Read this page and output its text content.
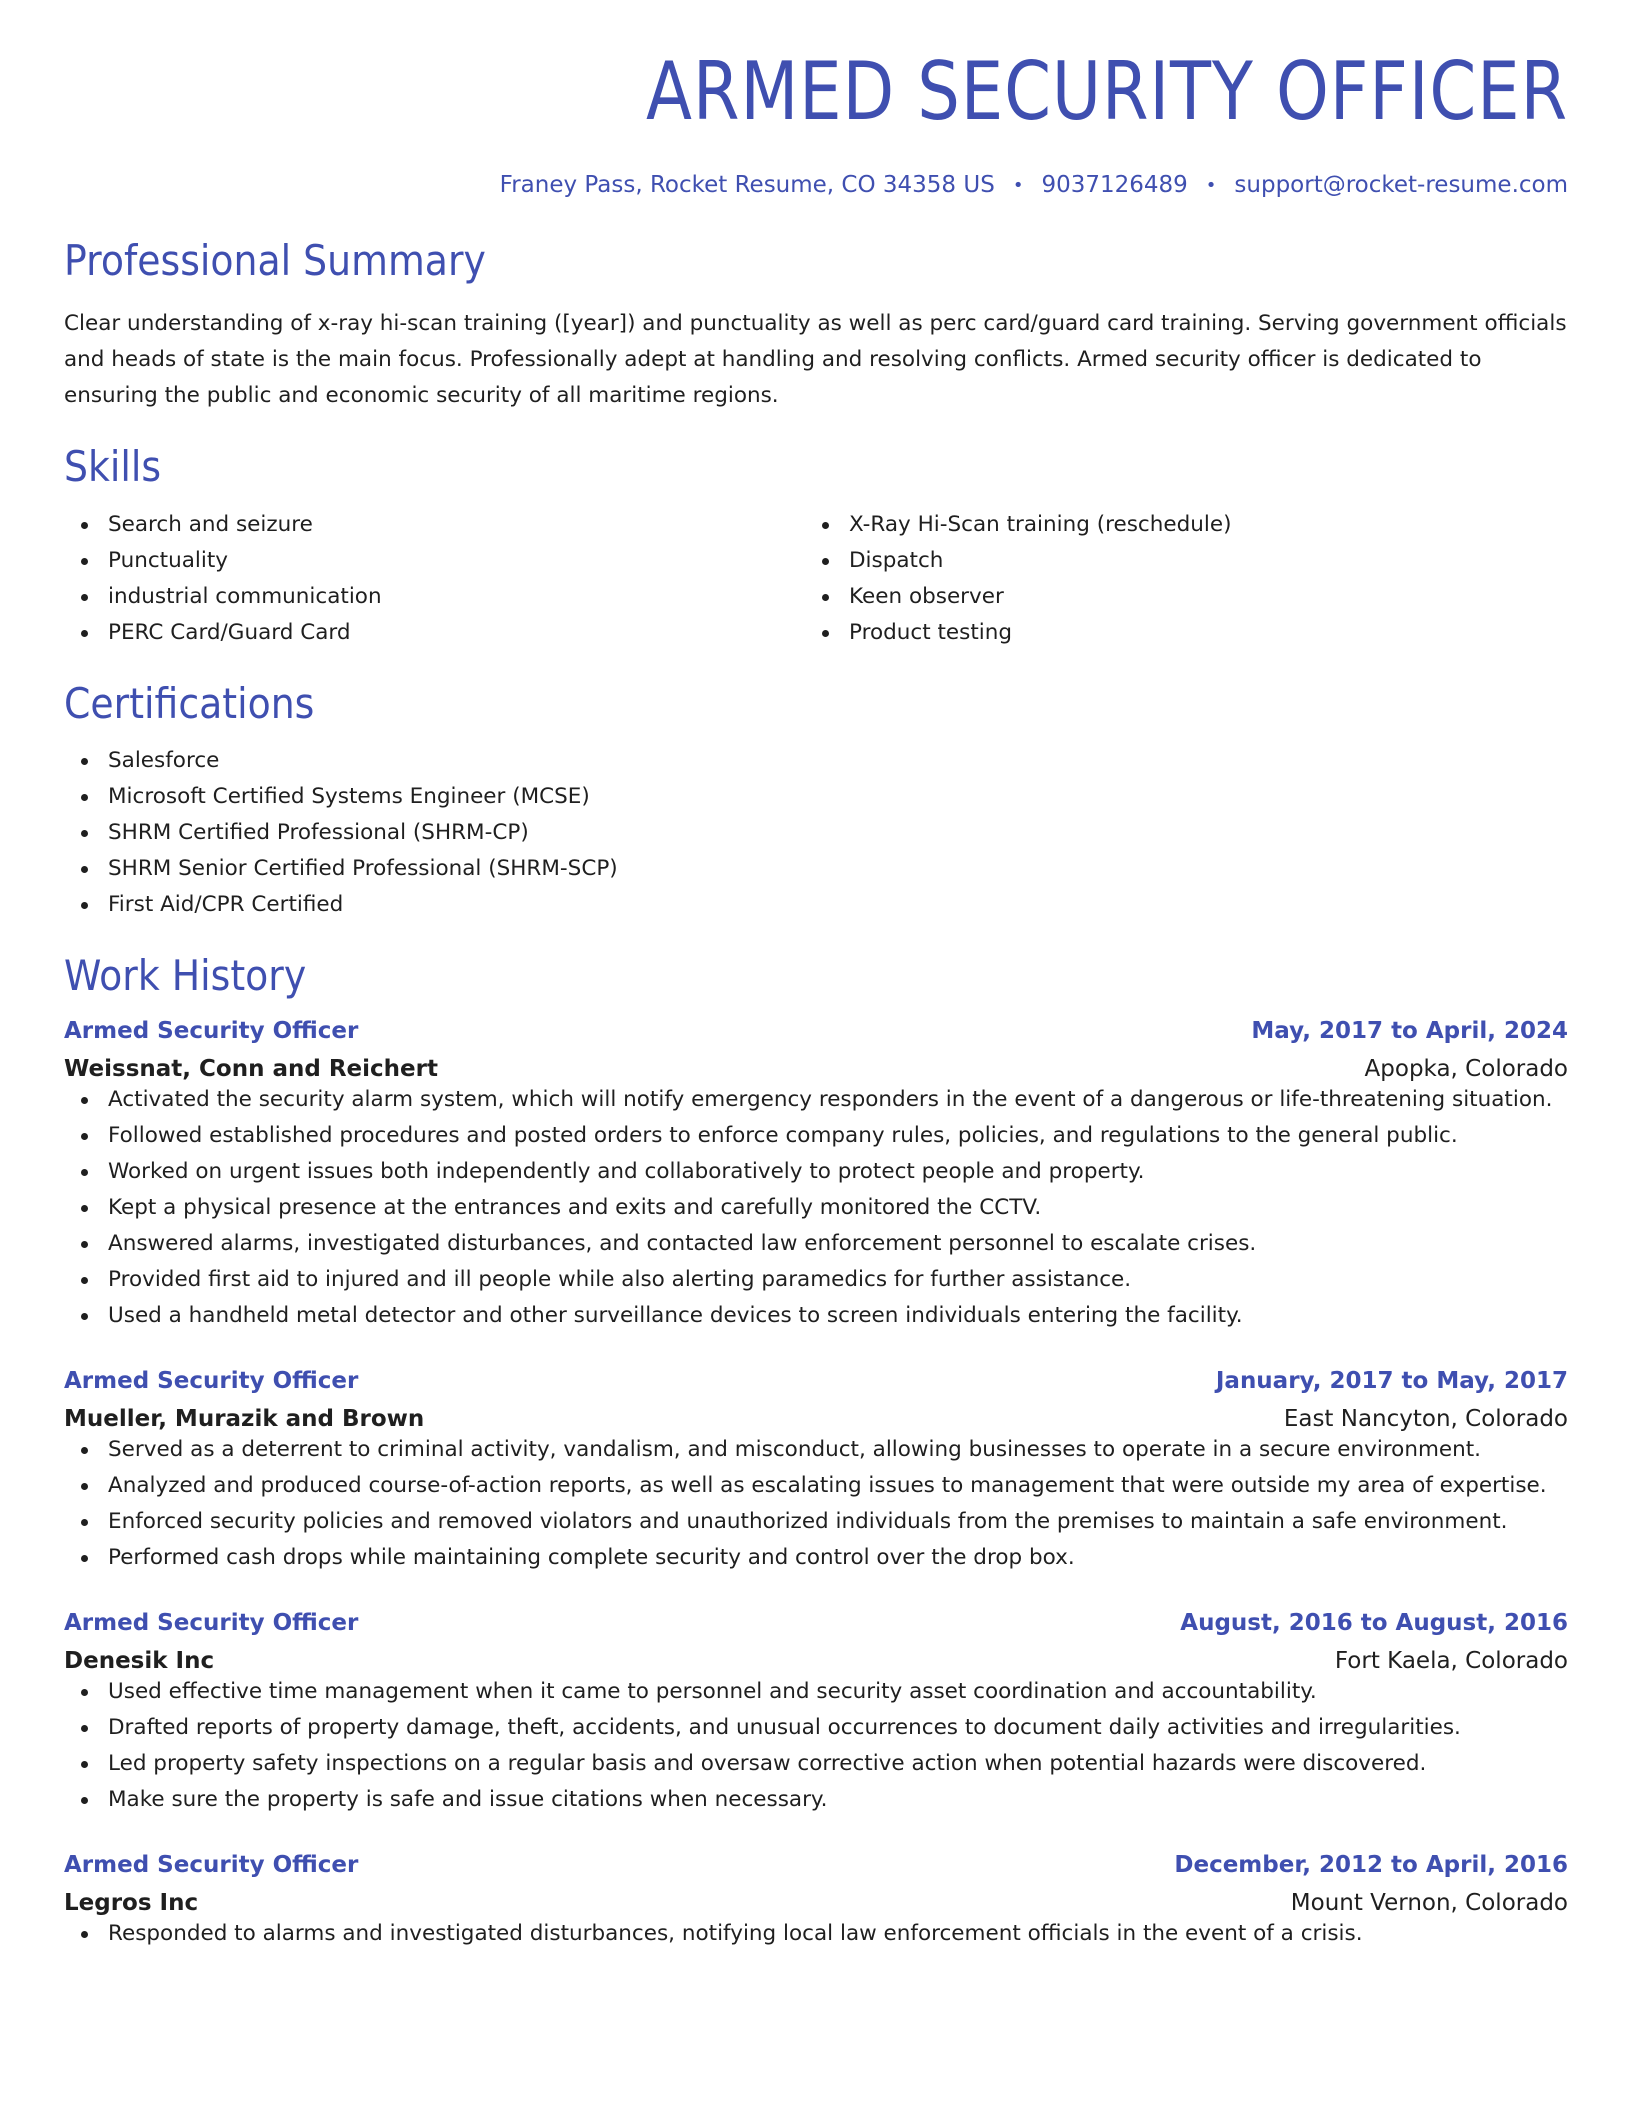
ARMED SECURITY OFFICER
Franey Pass, Rocket Resume, CO 34358 US • 9037126489 • support@rocket-resume.com
Professional Summary

Clear understanding of x-ray hi-scan training ([year]) and punctuality as well as perc card/guard card training. Serving government officials and heads of state is the main focus. Professionally adept at handling and resolving conflicts. Armed security officer is dedicated to ensuring the public and economic security of all maritime regions.

Skills
Search and seizure
Punctuality
industrial communication
PERC Card/Guard Card
X-Ray Hi-Scan training (reschedule)
Dispatch
Keen observer
Product testing
Certifications
Salesforce
Microsoft Certified Systems Engineer (MCSE)
SHRM Certified Professional (SHRM-CP)
SHRM Senior Certified Professional (SHRM-SCP)
First Aid/CPR Certified
Work History
Armed Security Officer	May, 2017 to April, 2024
Weissnat, Conn and Reichert	Apopka, Colorado
Activated the security alarm system, which will notify emergency responders in the event of a dangerous or life-threatening situation.
Followed established procedures and posted orders to enforce company rules, policies, and regulations to the general public.
Worked on urgent issues both independently and collaboratively to protect people and property.
Kept a physical presence at the entrances and exits and carefully monitored the CCTV.
Answered alarms, investigated disturbances, and contacted law enforcement personnel to escalate crises.
Provided first aid to injured and ill people while also alerting paramedics for further assistance.
Used a handheld metal detector and other surveillance devices to screen individuals entering the facility.
Armed Security Officer	January, 2017 to May, 2017
Mueller, Murazik and Brown	East Nancyton, Colorado
Served as a deterrent to criminal activity, vandalism, and misconduct, allowing businesses to operate in a secure environment.
Analyzed and produced course-of-action reports, as well as escalating issues to management that were outside my area of expertise.
Enforced security policies and removed violators and unauthorized individuals from the premises to maintain a safe environment.
Performed cash drops while maintaining complete security and control over the drop box.
Armed Security Officer	August, 2016 to August, 2016
Denesik Inc	Fort Kaela, Colorado
Used effective time management when it came to personnel and security asset coordination and accountability.
Drafted reports of property damage, theft, accidents, and unusual occurrences to document daily activities and irregularities.
Led property safety inspections on a regular basis and oversaw corrective action when potential hazards were discovered.
Make sure the property is safe and issue citations when necessary.
Armed Security Officer	December, 2012 to April, 2016
Legros Inc	Mount Vernon, Colorado
Responded to alarms and investigated disturbances, notifying local law enforcement officials in the event of a crisis.
